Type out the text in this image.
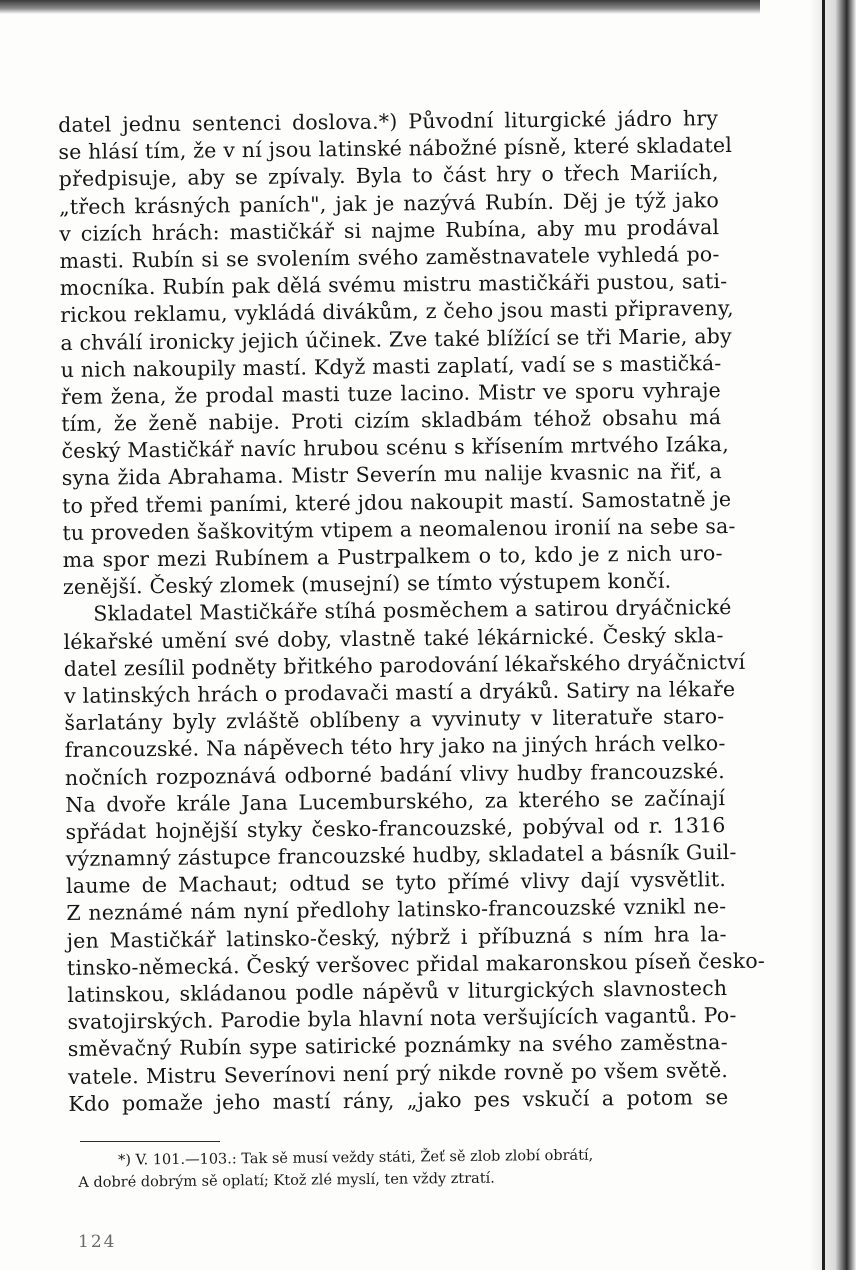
datel jednu sentenci doslova.*) Původní liturgické jádro hry
se hlásí tím, že v ní jsou latinské nábožné písně, které skladatel
předpisuje, aby se zpívaly. Byla to část hry o třech Mariích,
„třech krásných paních", jak je nazývá Rubín. Děj je týž jako
v cizích hrách: mastičkář si najme Rubína, aby mu prodával
masti. Rubín si se svolením svého zaměstnavatele vyhledá po-
mocníka. Rubín pak dělá svému mistru mastičkáři pustou, sati-
rickou reklamu, vykládá divákům, z čeho jsou masti připraveny,
a chválí ironicky jejich účinek. Zve také blížící se tři Marie, aby
u nich nakoupily mastí. Když masti zaplatí, vadí se s mastičká-
řem žena, že prodal masti tuze lacino. Mistr ve sporu vyhraje
tím, že ženě nabije. Proti cizím skladbám téhož obsahu má
český Mastičkář navíc hrubou scénu s křísením mrtvého Izáka,
syna žida Abrahama. Mistr Severín mu nalije kvasnic na řiť, a
to před třemi paními, které jdou nakoupit mastí. Samostatně je
tu proveden šaškovitým vtipem a neomalenou ironií na sebe sa-
ma spor mezi Rubínem a Pustrpalkem o to, kdo je z nich uro-
zenější. Český zlomek (musejní) se tímto výstupem končí.
Skladatel Mastičkáře stíhá posměchem a satirou dryáčnické
lékařské umění své doby, vlastně také lékárnické. Český skla-
datel zesílil podněty břitkého parodování lékařského dryáčnictví
v latinských hrách o prodavači mastí a dryáků. Satiry na lékaře
šarlatány byly zvláště oblíbeny a vyvinuty v literatuře staro-
francouzské. Na nápěvech této hry jako na jiných hrách velko-
nočních rozpoznává odborné badání vlivy hudby francouzské.
Na dvoře krále Jana Lucemburského, za kterého se začínají
spřádat hojnější styky česko-francouzské, pobýval od r. 1316
významný zástupce francouzské hudby, skladatel a básník Guil-
laume de Machaut; odtud se tyto přímé vlivy dají vysvětlit.
Z neznámé nám nyní předlohy latinsko-francouzské vznikl ne-
jen Mastičkář latinsko-český, nýbrž i příbuzná s ním hra la-
tinsko-německá. Český veršovec přidal makaronskou píseň česko-
latinskou, skládanou podle nápěvů v liturgických slavnostech
svatojirských. Parodie byla hlavní nota veršujících vagantů. Po-
směvačný Rubín sype satirické poznámky na svého zaměstna-
vatele. Mistru Severínovi není prý nikde rovně po všem světě.
Kdo pomaže jeho mastí rány, „jako pes vskučí a potom se
*) V. 101.—103.: Tak sě musí veždy státi, Žeť sě zlob zlobí obrátí,
A dobré dobrým sě oplatí; Ktož zlé myslí, ten vždy ztratí.
124
